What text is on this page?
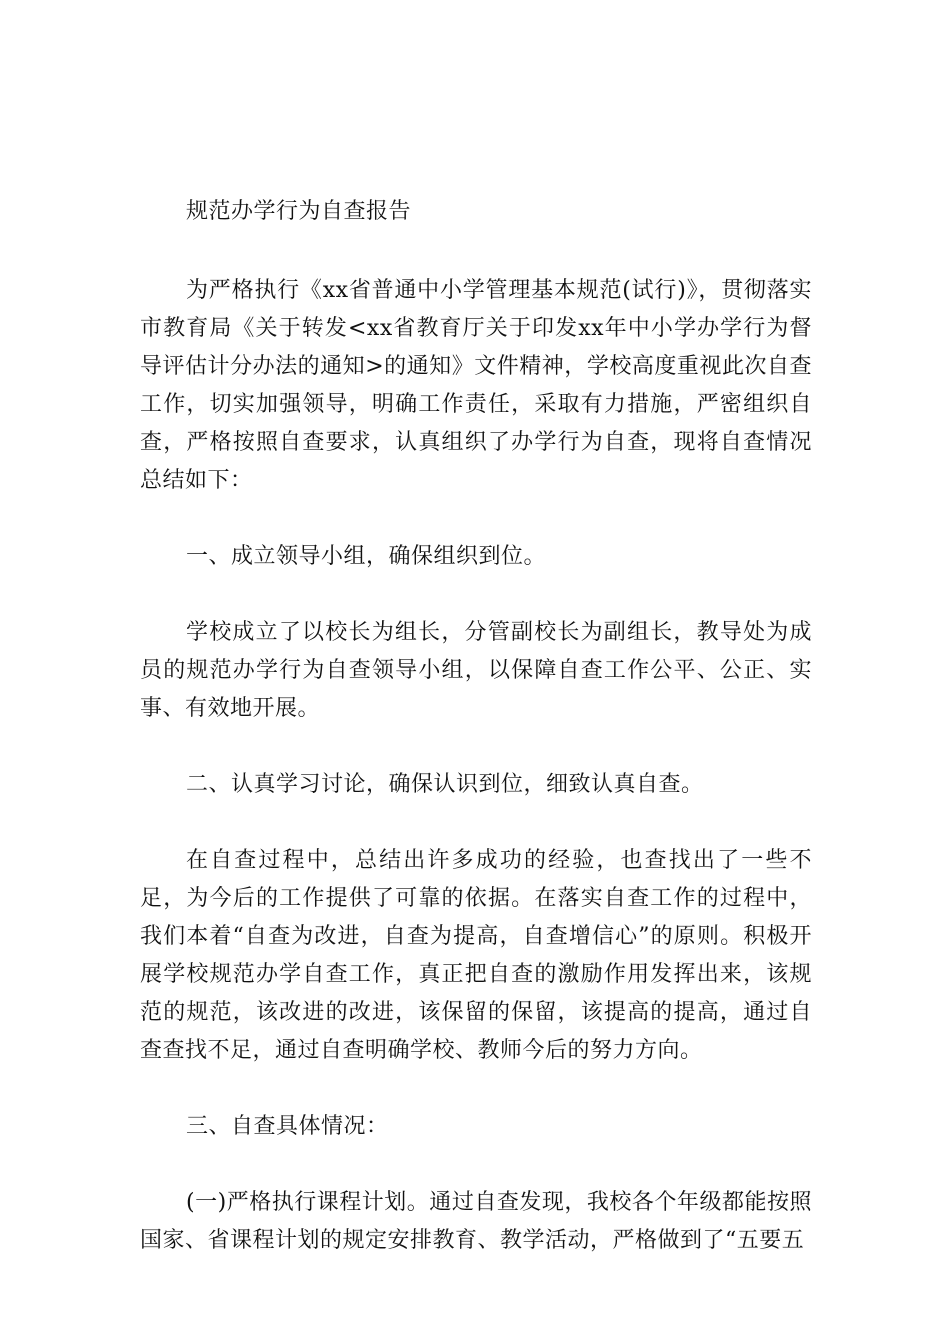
规范办学行为自查报告

为严格执行《xx省普通中小学管理基本规范(试行)》，贯彻落实市教育局《关于转发<xx省教育厅关于印发xx年中小学办学行为督导评估计分办法的通知>的通知》文件精神，学校高度重视此次自查工作，切实加强领导，明确工作责任，采取有力措施，严密组织自查，严格按照自查要求，认真组织了办学行为自查，现将自查情况总结如下：

一、成立领导小组，确保组织到位。

学校成立了以校长为组长，分管副校长为副组长，教导处为成员的规范办学行为自查领导小组，以保障自查工作公平、公正、实事、有效地开展。

二、认真学习讨论，确保认识到位，细致认真自查。

在自查过程中，总结出许多成功的经验，也查找出了一些不足，为今后的工作提供了可靠的依据。在落实自查工作的过程中，我们本着“自查为改进，自查为提高，自查增信心”的原则。积极开展学校规范办学自查工作，真正把自查的激励作用发挥出来，该规范的规范，该改进的改进，该保留的保留，该提高的提高，通过自查查找不足，通过自查明确学校、教师今后的努力方向。

三、自查具体情况：

(一)严格执行课程计划。通过自查发现，我校各个年级都能按照国家、省课程计划的规定安排教育、教学活动，严格做到了“五要五
